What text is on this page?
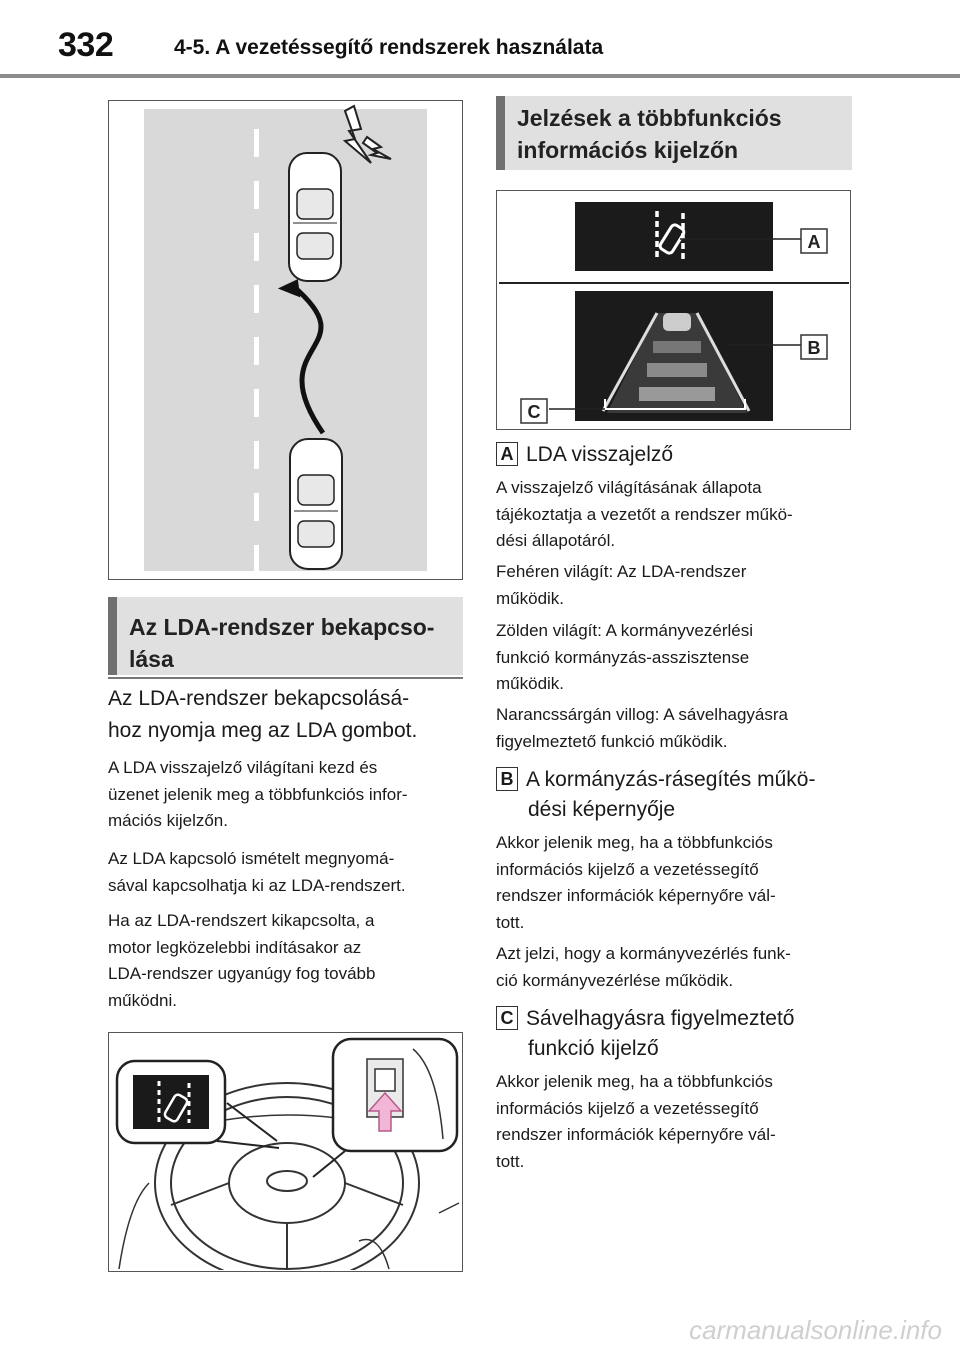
332	4-5. A vezetéssegítő rendszerek használata
Az LDA-rendszer bekapcso-
lása
Az LDA-rendszer bekapcsolásá-
hoz nyomja meg az LDA gombot.
A LDA visszajelző világítani kezd és
üzenet jelenik meg a többfunkciós infor-
mációs kijelzőn.
Az LDA kapcsoló ismételt megnyomá-
sával kapcsolhatja ki az LDA-rendszert.
Ha az LDA-rendszert kikapcsolta, a
motor legközelebbi indításakor az
LDA-rendszer ugyanúgy fog tovább
működni.
Jelzések a többfunkciós
információs kijelzőn
A
B
C
A LDA visszajelző
A visszajelző világításának állapota
tájékoztatja a vezetőt a rendszer műkö-
dési állapotáról.
Fehéren világít: Az LDA-rendszer
működik.
Zölden világít: A kormányvezérlési
funkció kormányzás-asszisztense
működik.
Narancssárgán villog: A sávelhagyásra
figyelmeztető funkció működik.
B A kormányzás-rásegítés műkö-
dési képernyője
Akkor jelenik meg, ha a többfunkciós
információs kijelző a vezetéssegítő
rendszer információk képernyőre vál-
tott.
Azt jelzi, hogy a kormányvezérlés funk-
ció kormányvezérlése működik.
C Sávelhagyásra figyelmeztető
funkció kijelző
Akkor jelenik meg, ha a többfunkciós
információs kijelző a vezetéssegítő
rendszer információk képernyőre vál-
tott.
carmanualsonline.info
